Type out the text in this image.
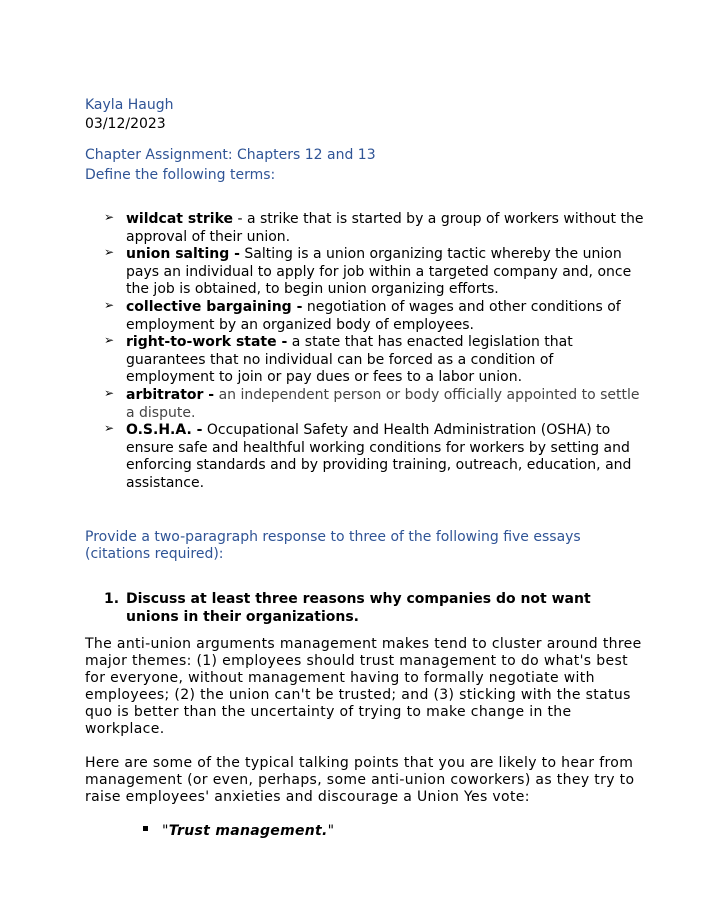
Kayla Haugh
03/12/2023
Chapter Assignment: Chapters 12 and 13
Define the following terms:
➢ wildcat strike - a strike that is started by a group of workers without the approval of their union.
➢ union salting - Salting is a union organizing tactic whereby the union pays an individual to apply for job within a targeted company and, once the job is obtained, to begin union organizing efforts.
➢ collective bargaining - negotiation of wages and other conditions of employment by an organized body of employees.
➢ right-to-work state - a state that has enacted legislation that guarantees that no individual can be forced as a condition of employment to join or pay dues or fees to a labor union.
➢ arbitrator - an independent person or body officially appointed to settle a dispute.
➢ O.S.H.A. - Occupational Safety and Health Administration (OSHA) to ensure safe and healthful working conditions for workers by setting and enforcing standards and by providing training, outreach, education, and assistance.
Provide a two-paragraph response to three of the following five essays
(citations required):
1. Discuss at least three reasons why companies do not want unions in their organizations.
The anti-union arguments management makes tend to cluster around three major themes: (1) employees should trust management to do what's best for everyone, without management having to formally negotiate with employees; (2) the union can't be trusted; and (3) sticking with the status quo is better than the uncertainty of trying to make change in the workplace.
Here are some of the typical talking points that you are likely to hear from management (or even, perhaps, some anti-union coworkers) as they try to raise employees' anxieties and discourage a Union Yes vote:
"Trust management."
